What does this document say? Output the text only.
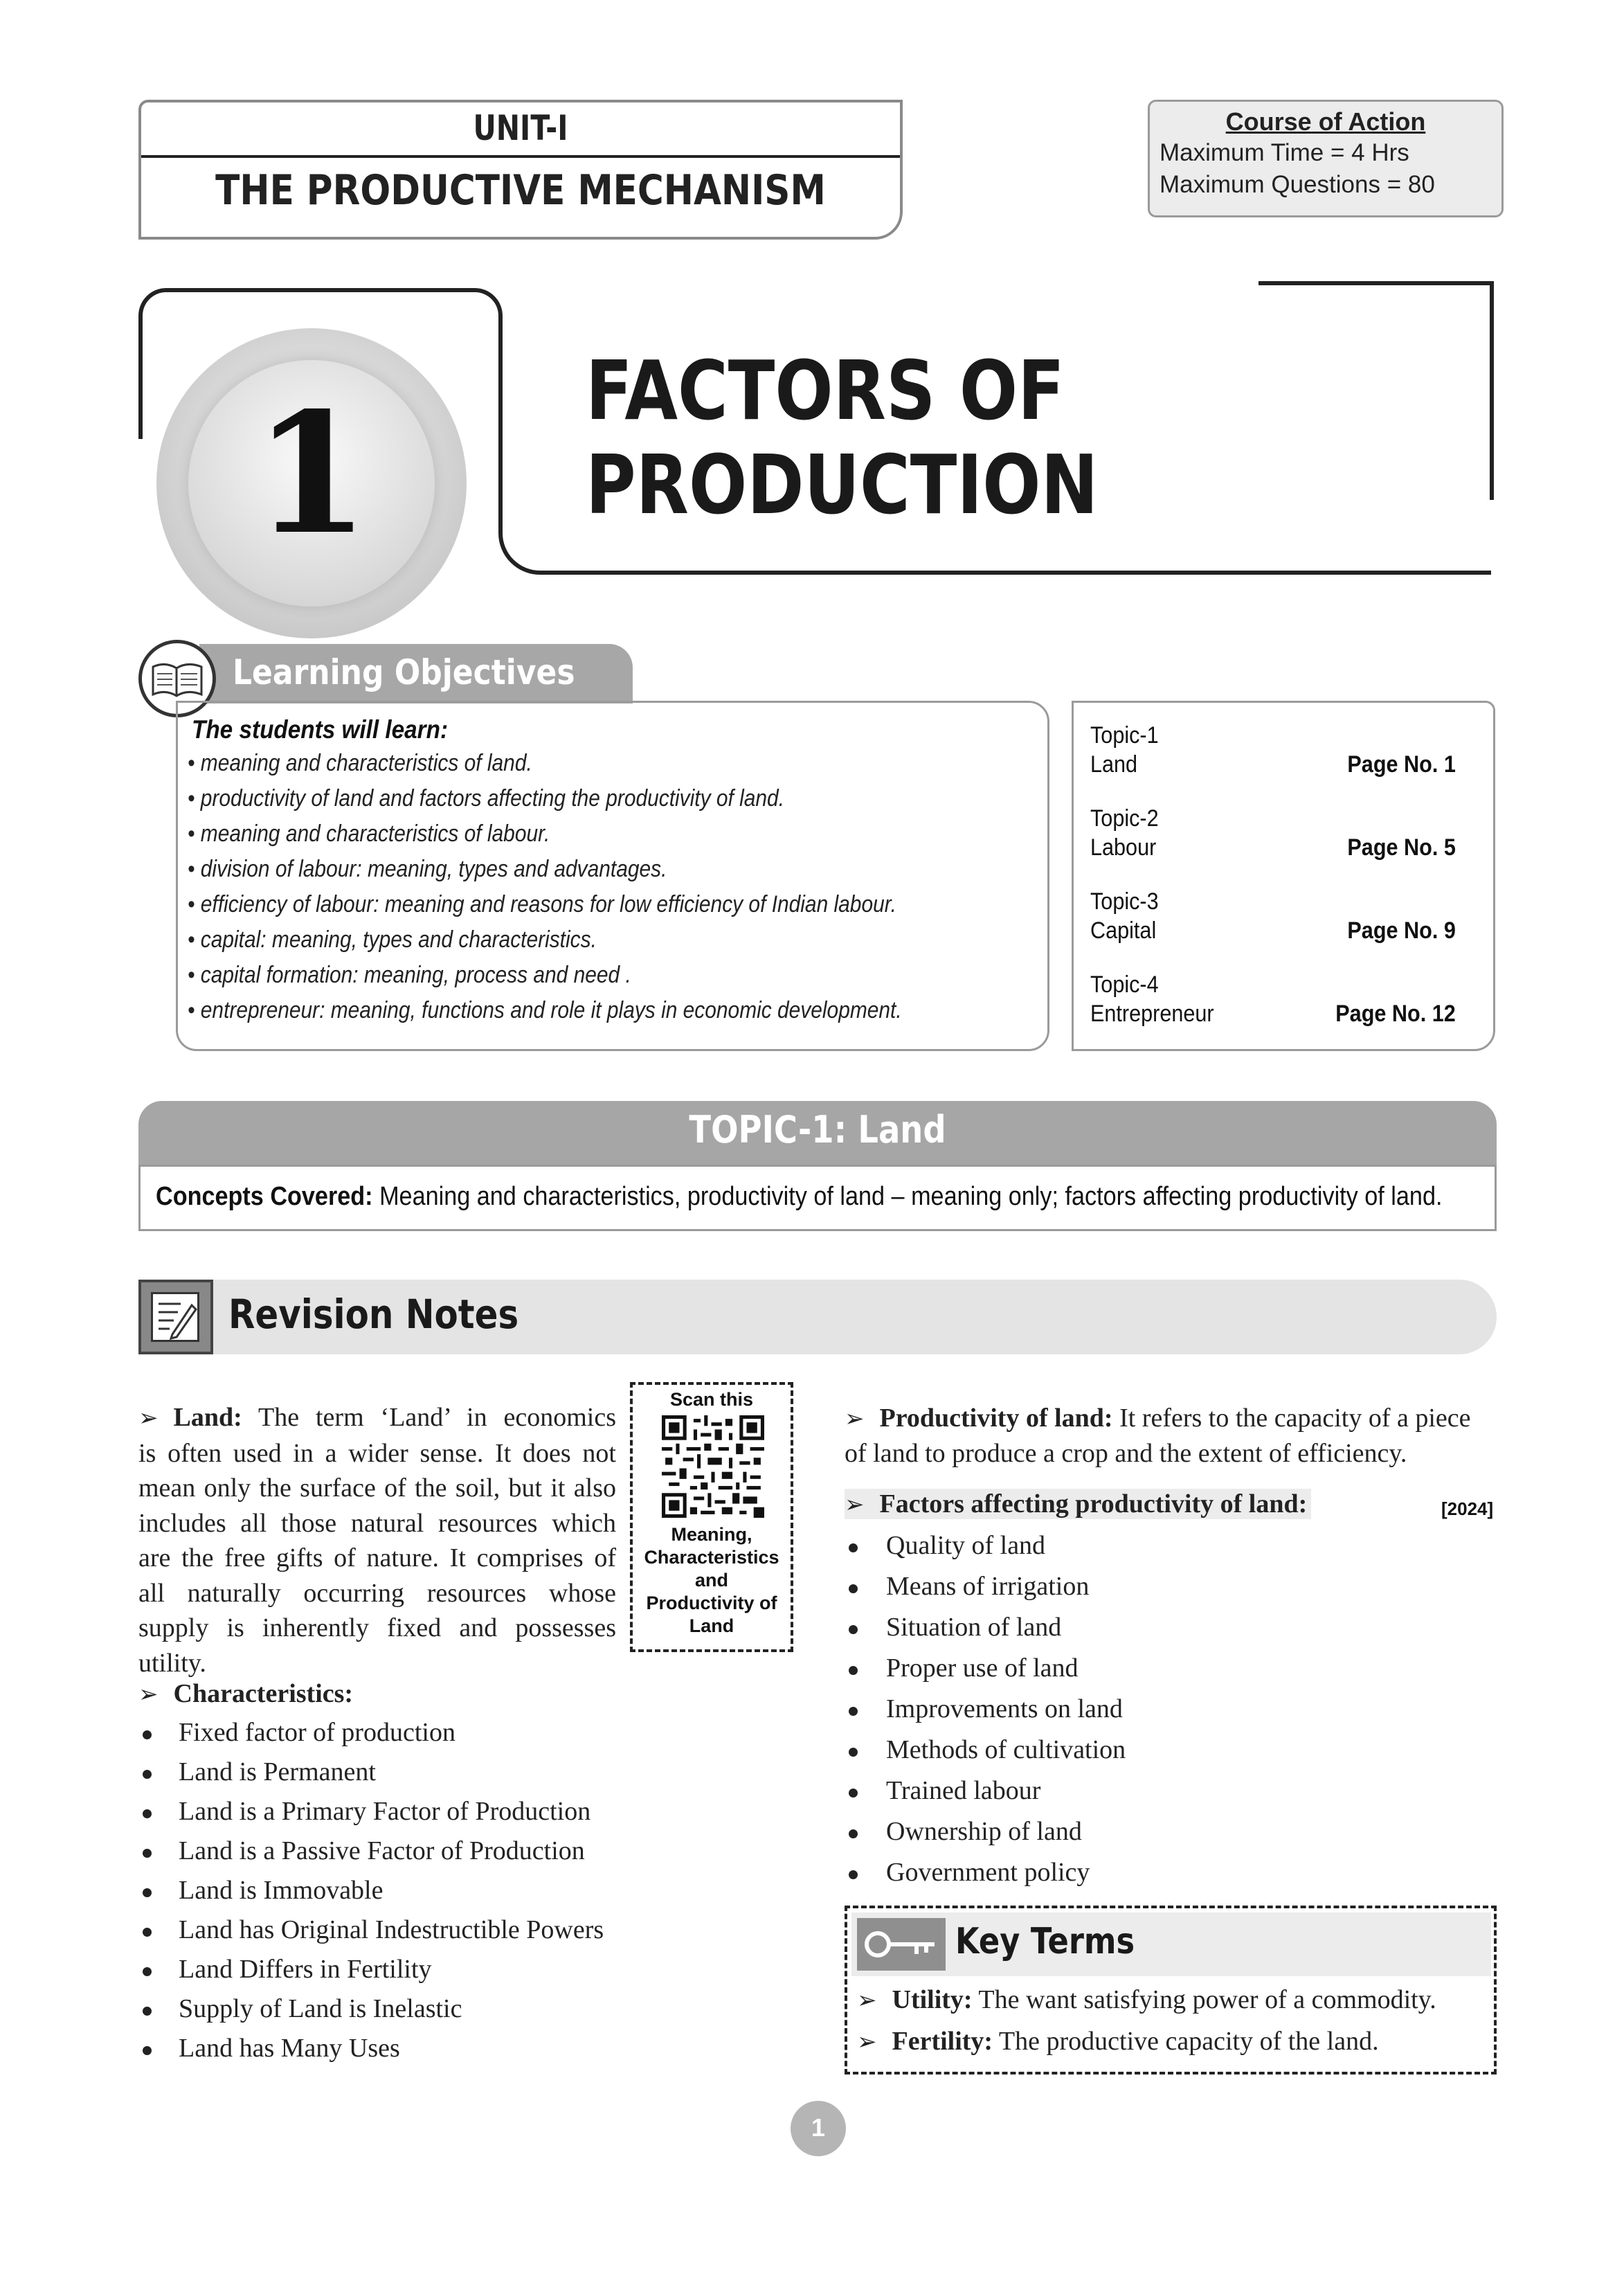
UNIT-I
THE PRODUCTIVE MECHANISM
Course of Action
Maximum Time = 4 Hrs
Maximum Questions = 80
1	FACTORS OF
PRODUCTION
Learning Objectives
The students will learn:
• meaning and characteristics of land.
• productivity of land and factors affecting the productivity of land.
• meaning and characteristics of labour.
• division of labour: meaning, types and advantages.
• efficiency of labour: meaning and reasons for low efficiency of Indian labour.
• capital: meaning, types and characteristics.
• capital formation: meaning, process and need .
• entrepreneur: meaning, functions and role it plays in economic development.
Topic-1
Land	Page No. 1
Topic-2
Labour	Page No. 5
Topic-3
Capital	Page No. 9
Topic-4
Entrepreneur	Page No. 12
TOPIC-1: Land
Concepts Covered: Meaning and characteristics, productivity of land – meaning only; factors affecting productivity of land.
Revision Notes
➢ Land: The term ‘Land’ in economics
is often used in a wider sense. It does not
mean only the surface of the soil, but it also
includes all those natural resources which
are the free gifts of nature. It comprises of
all naturally occurring resources whose
supply is inherently fixed and possesses
utility.
Scan this
Meaning,
Characteristics
and
Productivity of
Land
➢ Characteristics:
Fixed factor of production
Land is Permanent
Land is a Primary Factor of Production
Land is a Passive Factor of Production
Land is Immovable
Land has Original Indestructible Powers
Land Differs in Fertility
Supply of Land is Inelastic
Land has Many Uses
➢ Productivity of land: It refers to the capacity of a piece
of land to produce a crop and the extent of efficiency.
➢ Factors affecting productivity of land:	[2024]
Quality of land
Means of irrigation
Situation of land
Proper use of land
Improvements on land
Methods of cultivation
Trained labour
Ownership of land
Government policy
Key Terms
➢ Utility: The want satisfying power of a commodity.
➢ Fertility: The productive capacity of the land.
1
